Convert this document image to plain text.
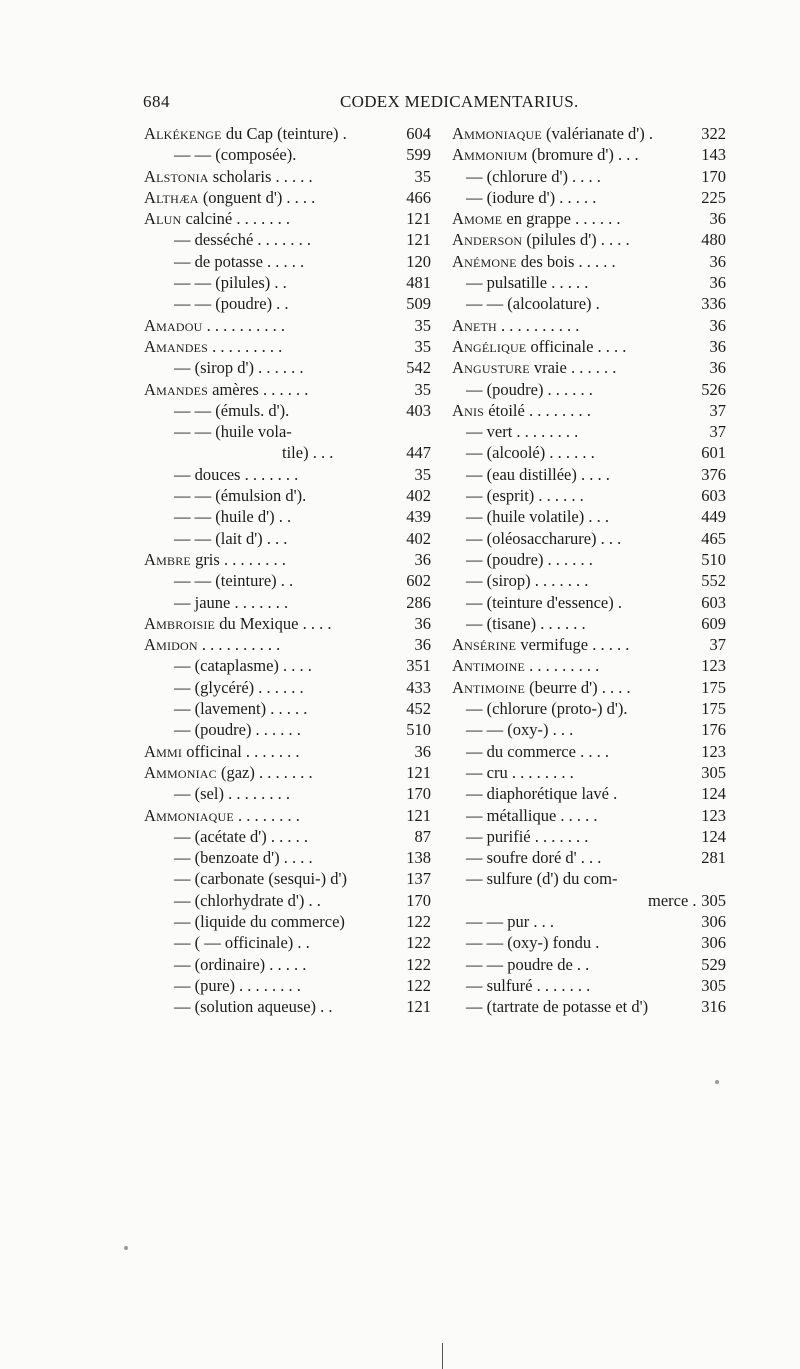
684	CODEX MEDICAMENTARIUS.
Alkékenge du Cap (teinture) .	604
— — (composée).	599
Alstonia scholaris . . . . .	35
Althæa (onguent d') . . . .	466
Alun calciné . . . . . . .	121
— desséché . . . . . . .	121
— de potasse . . . . .	120
— — (pilules) . .	481
— — (poudre) . .	509
Amadou . . . . . . . . . .	35
Amandes . . . . . . . . .	35
— (sirop d') . . . . . .	542
Amandes amères . . . . . .	35
— — (émuls. d').	403
— — (huile vola-
tile) . . .	447
— douces . . . . . . .	35
— — (émulsion d').	402
— — (huile d') . .	439
— — (lait d') . . .	402
Ambre gris . . . . . . . .	36
— — (teinture) . .	602
— jaune . . . . . . .	286
Ambroisie du Mexique . . . .	36
Amidon . . . . . . . . . .	36
— (cataplasme) . . . .	351
— (glycéré) . . . . . .	433
— (lavement) . . . . .	452
— (poudre) . . . . . .	510
Ammi officinal . . . . . . .	36
Ammoniac (gaz) . . . . . . .	121
— (sel) . . . . . . . .	170
Ammoniaque . . . . . . . .	121
— (acétate d') . . . . .	87
— (benzoate d') . . . .	138
— (carbonate (sesqui-) d')	137
— (chlorhydrate d') . .	170
— (liquide du commerce)	122
— ( — officinale) . .	122
— (ordinaire) . . . . .	122
— (pure) . . . . . . . .	122
— (solution aqueuse) . .	121
Ammoniaque (valérianate d') .	322
Ammonium (bromure d') . . .	143
— (chlorure d') . . . .	170
— (iodure d') . . . . .	225
Amome en grappe . . . . . .	36
Anderson (pilules d') . . . .	480
Anémone des bois . . . . .	36
— pulsatille . . . . .	36
— — (alcoolature) .	336
Aneth . . . . . . . . . .	36
Angélique officinale . . . .	36
Angusture vraie . . . . . .	36
— (poudre) . . . . . .	526
Anis étoilé . . . . . . . .	37
— vert . . . . . . . .	37
— (alcoolé) . . . . . .	601
— (eau distillée) . . . .	376
— (esprit) . . . . . .	603
— (huile volatile) . . .	449
— (oléosaccharure) . . .	465
— (poudre) . . . . . .	510
— (sirop) . . . . . . .	552
— (teinture d'essence) .	603
— (tisane) . . . . . .	609
Ansérine vermifuge . . . . .	37
Antimoine . . . . . . . . .	123
Antimoine (beurre d') . . . .	175
— (chlorure (proto-) d').	175
— — (oxy-) . . .	176
— du commerce . . . .	123
— cru . . . . . . . .	305
— diaphorétique lavé .	124
— métallique . . . . .	123
— purifié . . . . . . .	124
— soufre doré d' . . .	281
— sulfure (d') du com-
merce . 305
— — pur . . .	306
— — (oxy-) fondu .	306
— — poudre de . .	529
— sulfuré . . . . . . .	305
— (tartrate de potasse et d')	316
